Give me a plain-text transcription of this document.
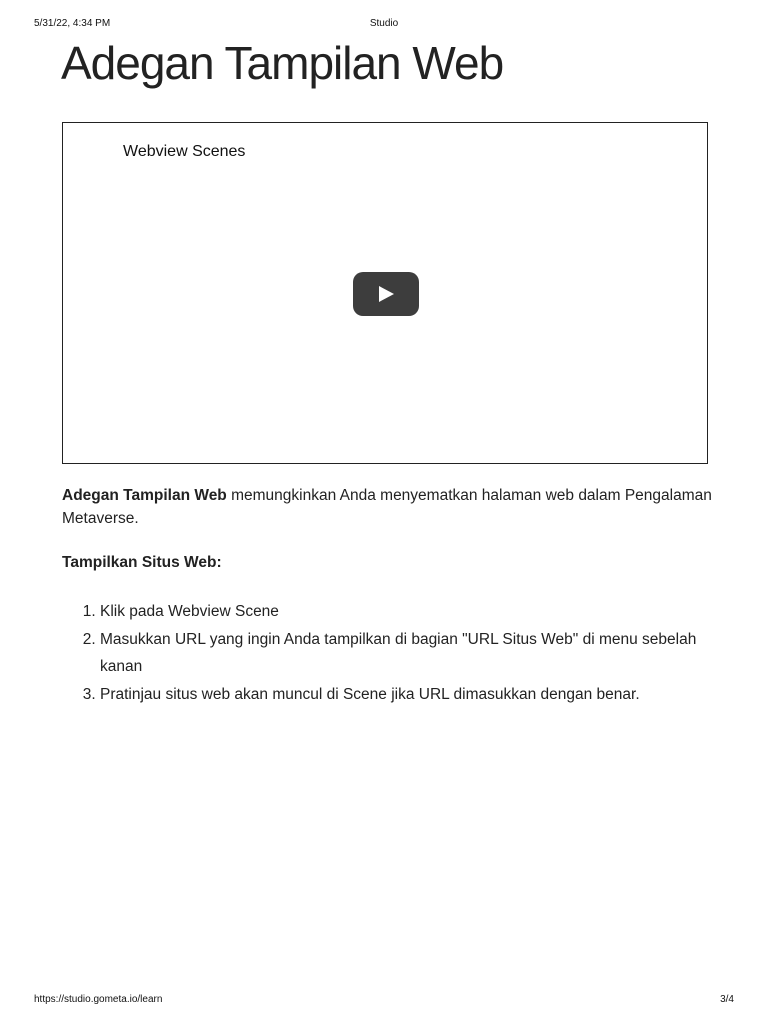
5/31/22, 4:34 PM	Studio
Adegan Tampilan Web
Webview Scenes

Adegan Tampilan Web memungkinkan Anda menyematkan halaman web dalam Pengalaman Metaverse.

Tampilkan Situs Web:

1. Klik pada Webview Scene
2. Masukkan URL yang ingin Anda tampilkan di bagian "URL Situs Web" di menu sebelah kanan
3. Pratinjau situs web akan muncul di Scene jika URL dimasukkan dengan benar.
https://studio.gometa.io/learn	3/4
